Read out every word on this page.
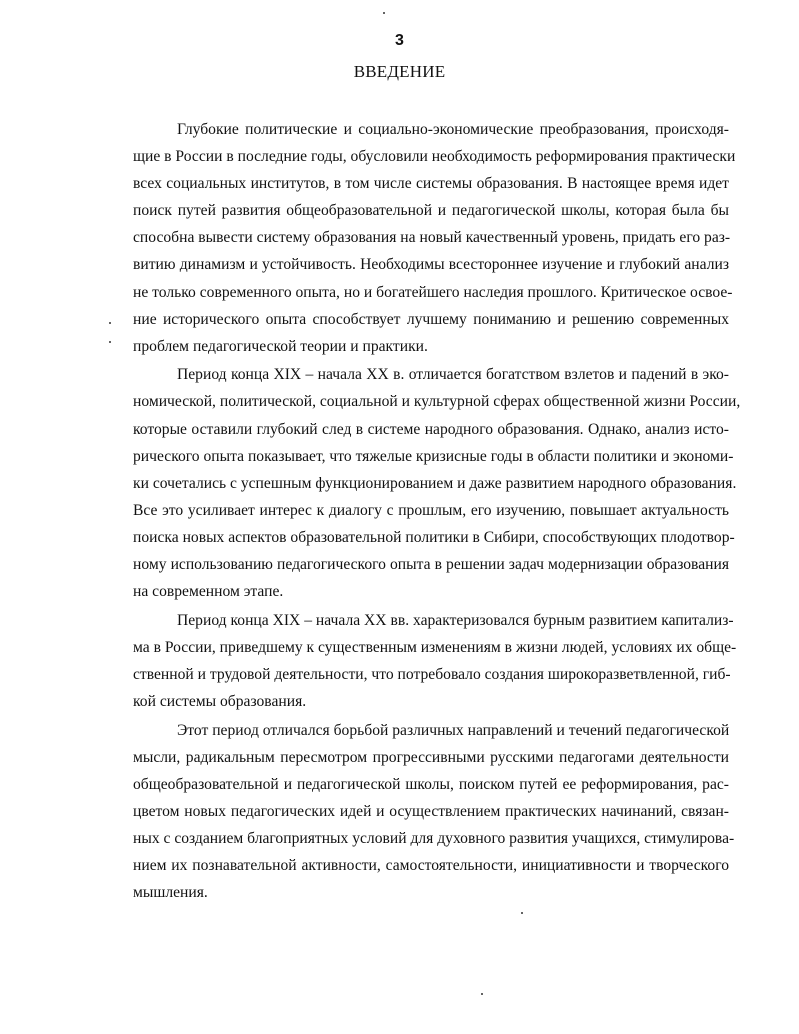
3
ВВЕДЕНИЕ

Глубокие политические и социально-экономические преобразования, происходя-
щие в России в последние годы, обусловили необходимость реформирования практически
всех социальных институтов, в том числе системы образования. В настоящее время идет
поиск путей развития общеобразовательной и педагогической школы, которая была бы
способна вывести систему образования на новый качественный уровень, придать его раз-
витию динамизм и устойчивость. Необходимы всестороннее изучение и глубокий анализ
не только современного опыта, но и богатейшего наследия прошлого. Критическое освое-
ние исторического опыта способствует лучшему пониманию и решению современных
проблем педагогической теории и практики.

Период конца XIX – начала XX в. отличается богатством взлетов и падений в эко-
номической, политической, социальной и культурной сферах общественной жизни России,
которые оставили глубокий след в системе народного образования. Однако, анализ исто-
рического опыта показывает, что тяжелые кризисные годы в области политики и экономи-
ки сочетались с успешным функционированием и даже развитием народного образования.
Все это усиливает интерес к диалогу с прошлым, его изучению, повышает актуальность
поиска новых аспектов образовательной политики в Сибири, способствующих плодотвор-
ному использованию педагогического опыта в решении задач модернизации образования
на современном этапе.

Период конца XIX – начала XX вв. характеризовался бурным развитием капитализ-
ма в России, приведшему к существенным изменениям в жизни людей, условиях их обще-
ственной и трудовой деятельности, что потребовало создания широкоразветвленной, гиб-
кой системы образования.

Этот период отличался борьбой различных направлений и течений педагогической
мысли, радикальным пересмотром прогрессивными русскими педагогами деятельности
общеобразовательной и педагогической школы, поиском путей ее реформирования, рас-
цветом новых педагогических идей и осуществлением практических начинаний, связан-
ных с созданием благоприятных условий для духовного развития учащихся, стимулирова-
нием их познавательной активности, самостоятельности, инициативности и творческого
мышления.
